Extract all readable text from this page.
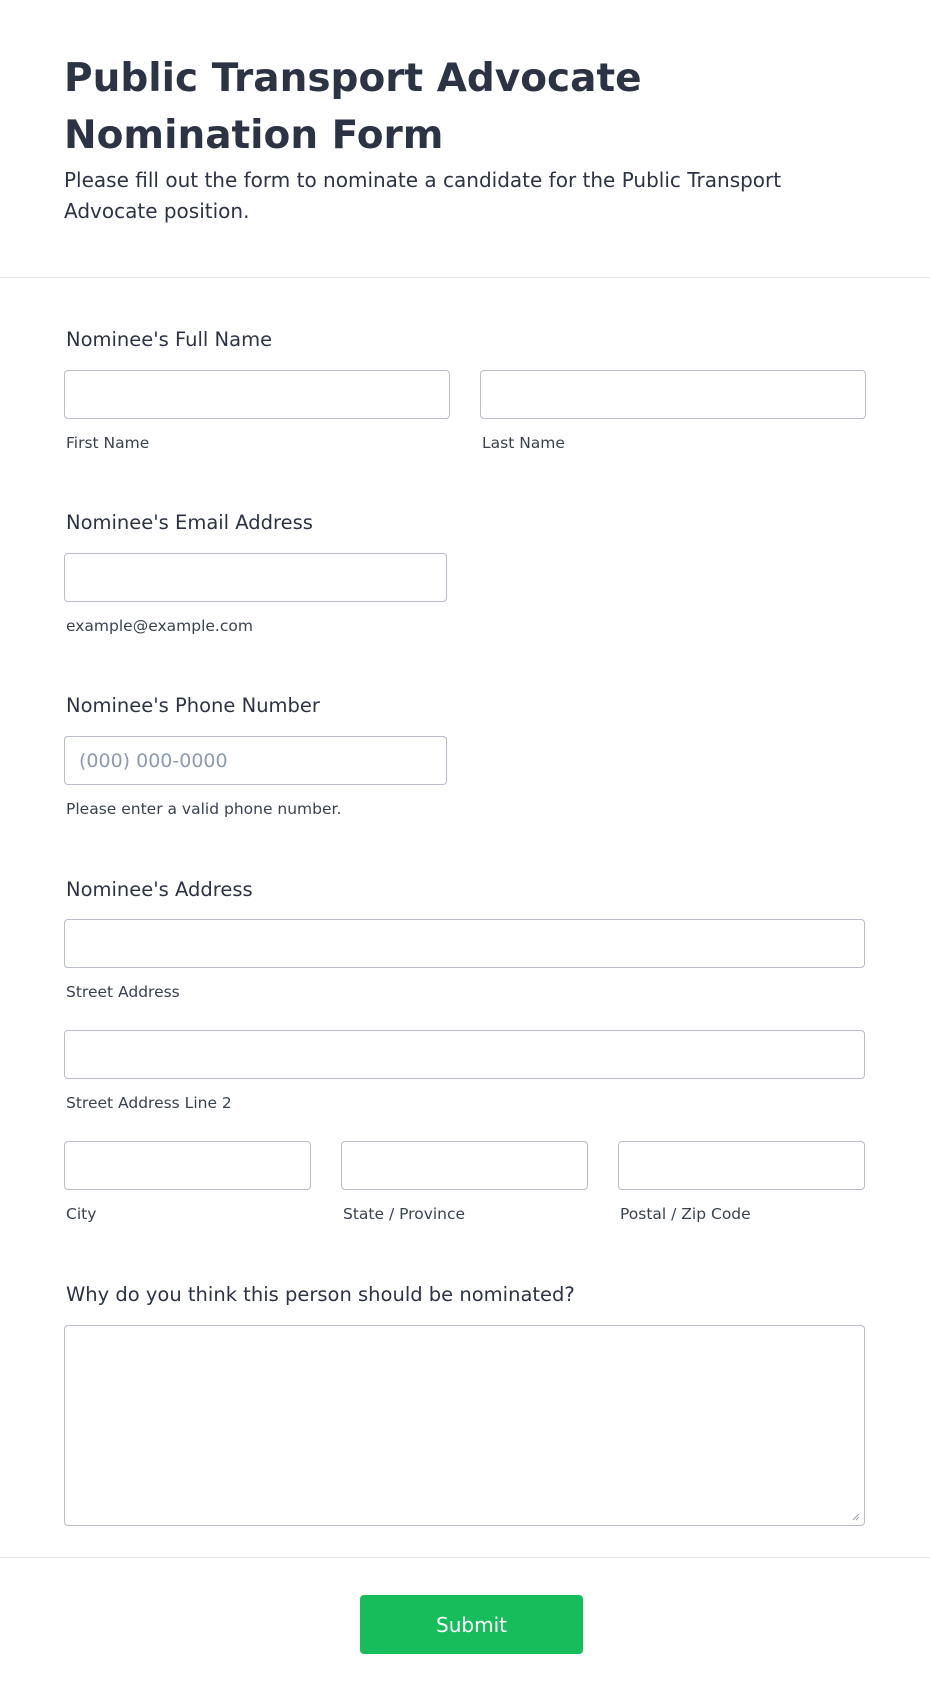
Public Transport Advocate Nomination Form

Please fill out the form to nominate a candidate for the Public Transport Advocate position.

Nominee's Full Name
First Name	Last Name
Nominee's Email Address
example@example.com
Nominee's Phone Number
(000) 000-0000
Please enter a valid phone number.
Nominee's Address
Street Address
Street Address Line 2
City	State / Province	Postal / Zip Code
Why do you think this person should be nominated?
Submit
